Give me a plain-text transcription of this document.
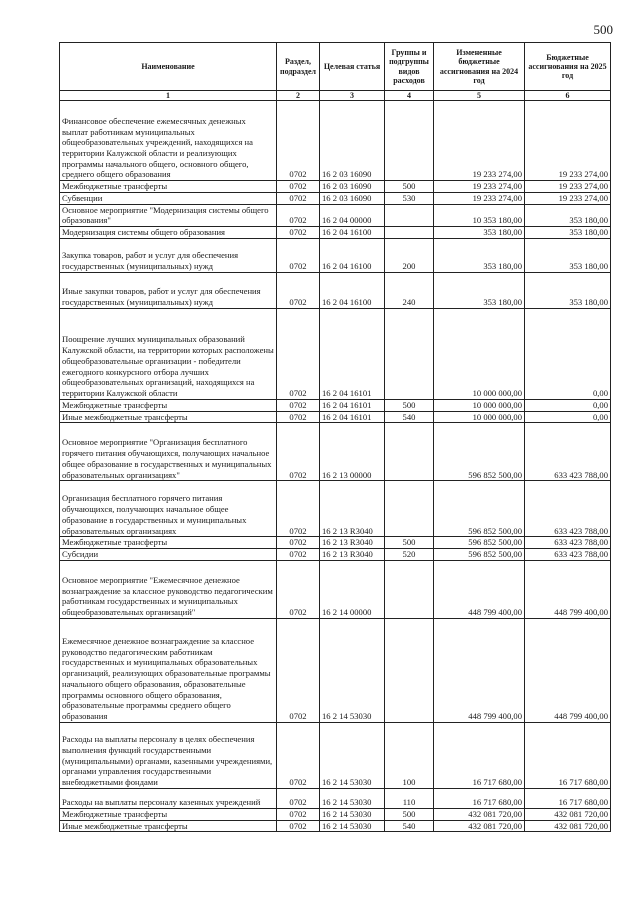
500
Наименование	Раздел, подраздел	Целевая статья	Группы и подгруппы видов расходов	Измененные бюджетные ассигнования на 2024 год	Бюджетные ассигнования на 2025 год
1	2	3	4	5	6
Финансовое обеспечение ежемесячных денежных выплат работникам муниципальных общеобразовательных учреждений, находящихся на территории Калужской области и реализующих программы начального общего, основного общего, среднего общего образования	0702	16 2 03 16090		19 233 274,00	19 233 274,00
Межбюджетные трансферты	0702	16 2 03 16090	500	19 233 274,00	19 233 274,00
Субвенции	0702	16 2 03 16090	530	19 233 274,00	19 233 274,00
Основное мероприятие "Модернизация системы общего образования"	0702	16 2 04 00000		10 353 180,00	353 180,00
Модернизация системы общего образования	0702	16 2 04 16100		353 180,00	353 180,00
Закупка товаров, работ и услуг для обеспечения государственных (муниципальных) нужд	0702	16 2 04 16100	200	353 180,00	353 180,00
Иные закупки товаров, работ и услуг для обеспечения государственных (муниципальных) нужд	0702	16 2 04 16100	240	353 180,00	353 180,00
Поощрение лучших муниципальных образований Калужской области, на территории которых расположены общеобразовательные организации - победители ежегодного конкурсного отбора лучших общеобразовательных организаций, находящихся на территории Калужской области	0702	16 2 04 16101		10 000 000,00	0,00
Межбюджетные трансферты	0702	16 2 04 16101	500	10 000 000,00	0,00
Иные межбюджетные трансферты	0702	16 2 04 16101	540	10 000 000,00	0,00
Основное мероприятие "Организация бесплатного горячего питания обучающихся, получающих начальное общее образование в государственных и муниципальных образовательных организациях"	0702	16 2 13 00000		596 852 500,00	633 423 788,00
Организация бесплатного горячего питания обучающихся, получающих начальное общее образование в государственных и муниципальных образовательных организациях	0702	16 2 13 R3040		596 852 500,00	633 423 788,00
Межбюджетные трансферты	0702	16 2 13 R3040	500	596 852 500,00	633 423 788,00
Субсидии	0702	16 2 13 R3040	520	596 852 500,00	633 423 788,00
Основное мероприятие "Ежемесячное денежное вознаграждение за классное руководство педагогическим работникам государственных и муниципальных общеобразовательных организаций"	0702	16 2 14 00000		448 799 400,00	448 799 400,00
Ежемесячное денежное вознаграждение за классное руководство педагогическим работникам государственных и муниципальных образовательных организаций, реализующих образовательные программы начального общего образования, образовательные программы основного общего образования, образовательные программы среднего общего образования	0702	16 2 14 53030		448 799 400,00	448 799 400,00
Расходы на выплаты персоналу в целях обеспечения выполнения функций государственными (муниципальными) органами, казенными учреждениями, органами управления государственными внебюджетными фондами	0702	16 2 14 53030	100	16 717 680,00	16 717 680,00
Расходы на выплаты персоналу казенных учреждений	0702	16 2 14 53030	110	16 717 680,00	16 717 680,00
Межбюджетные трансферты	0702	16 2 14 53030	500	432 081 720,00	432 081 720,00
Иные межбюджетные трансферты	0702	16 2 14 53030	540	432 081 720,00	432 081 720,00
